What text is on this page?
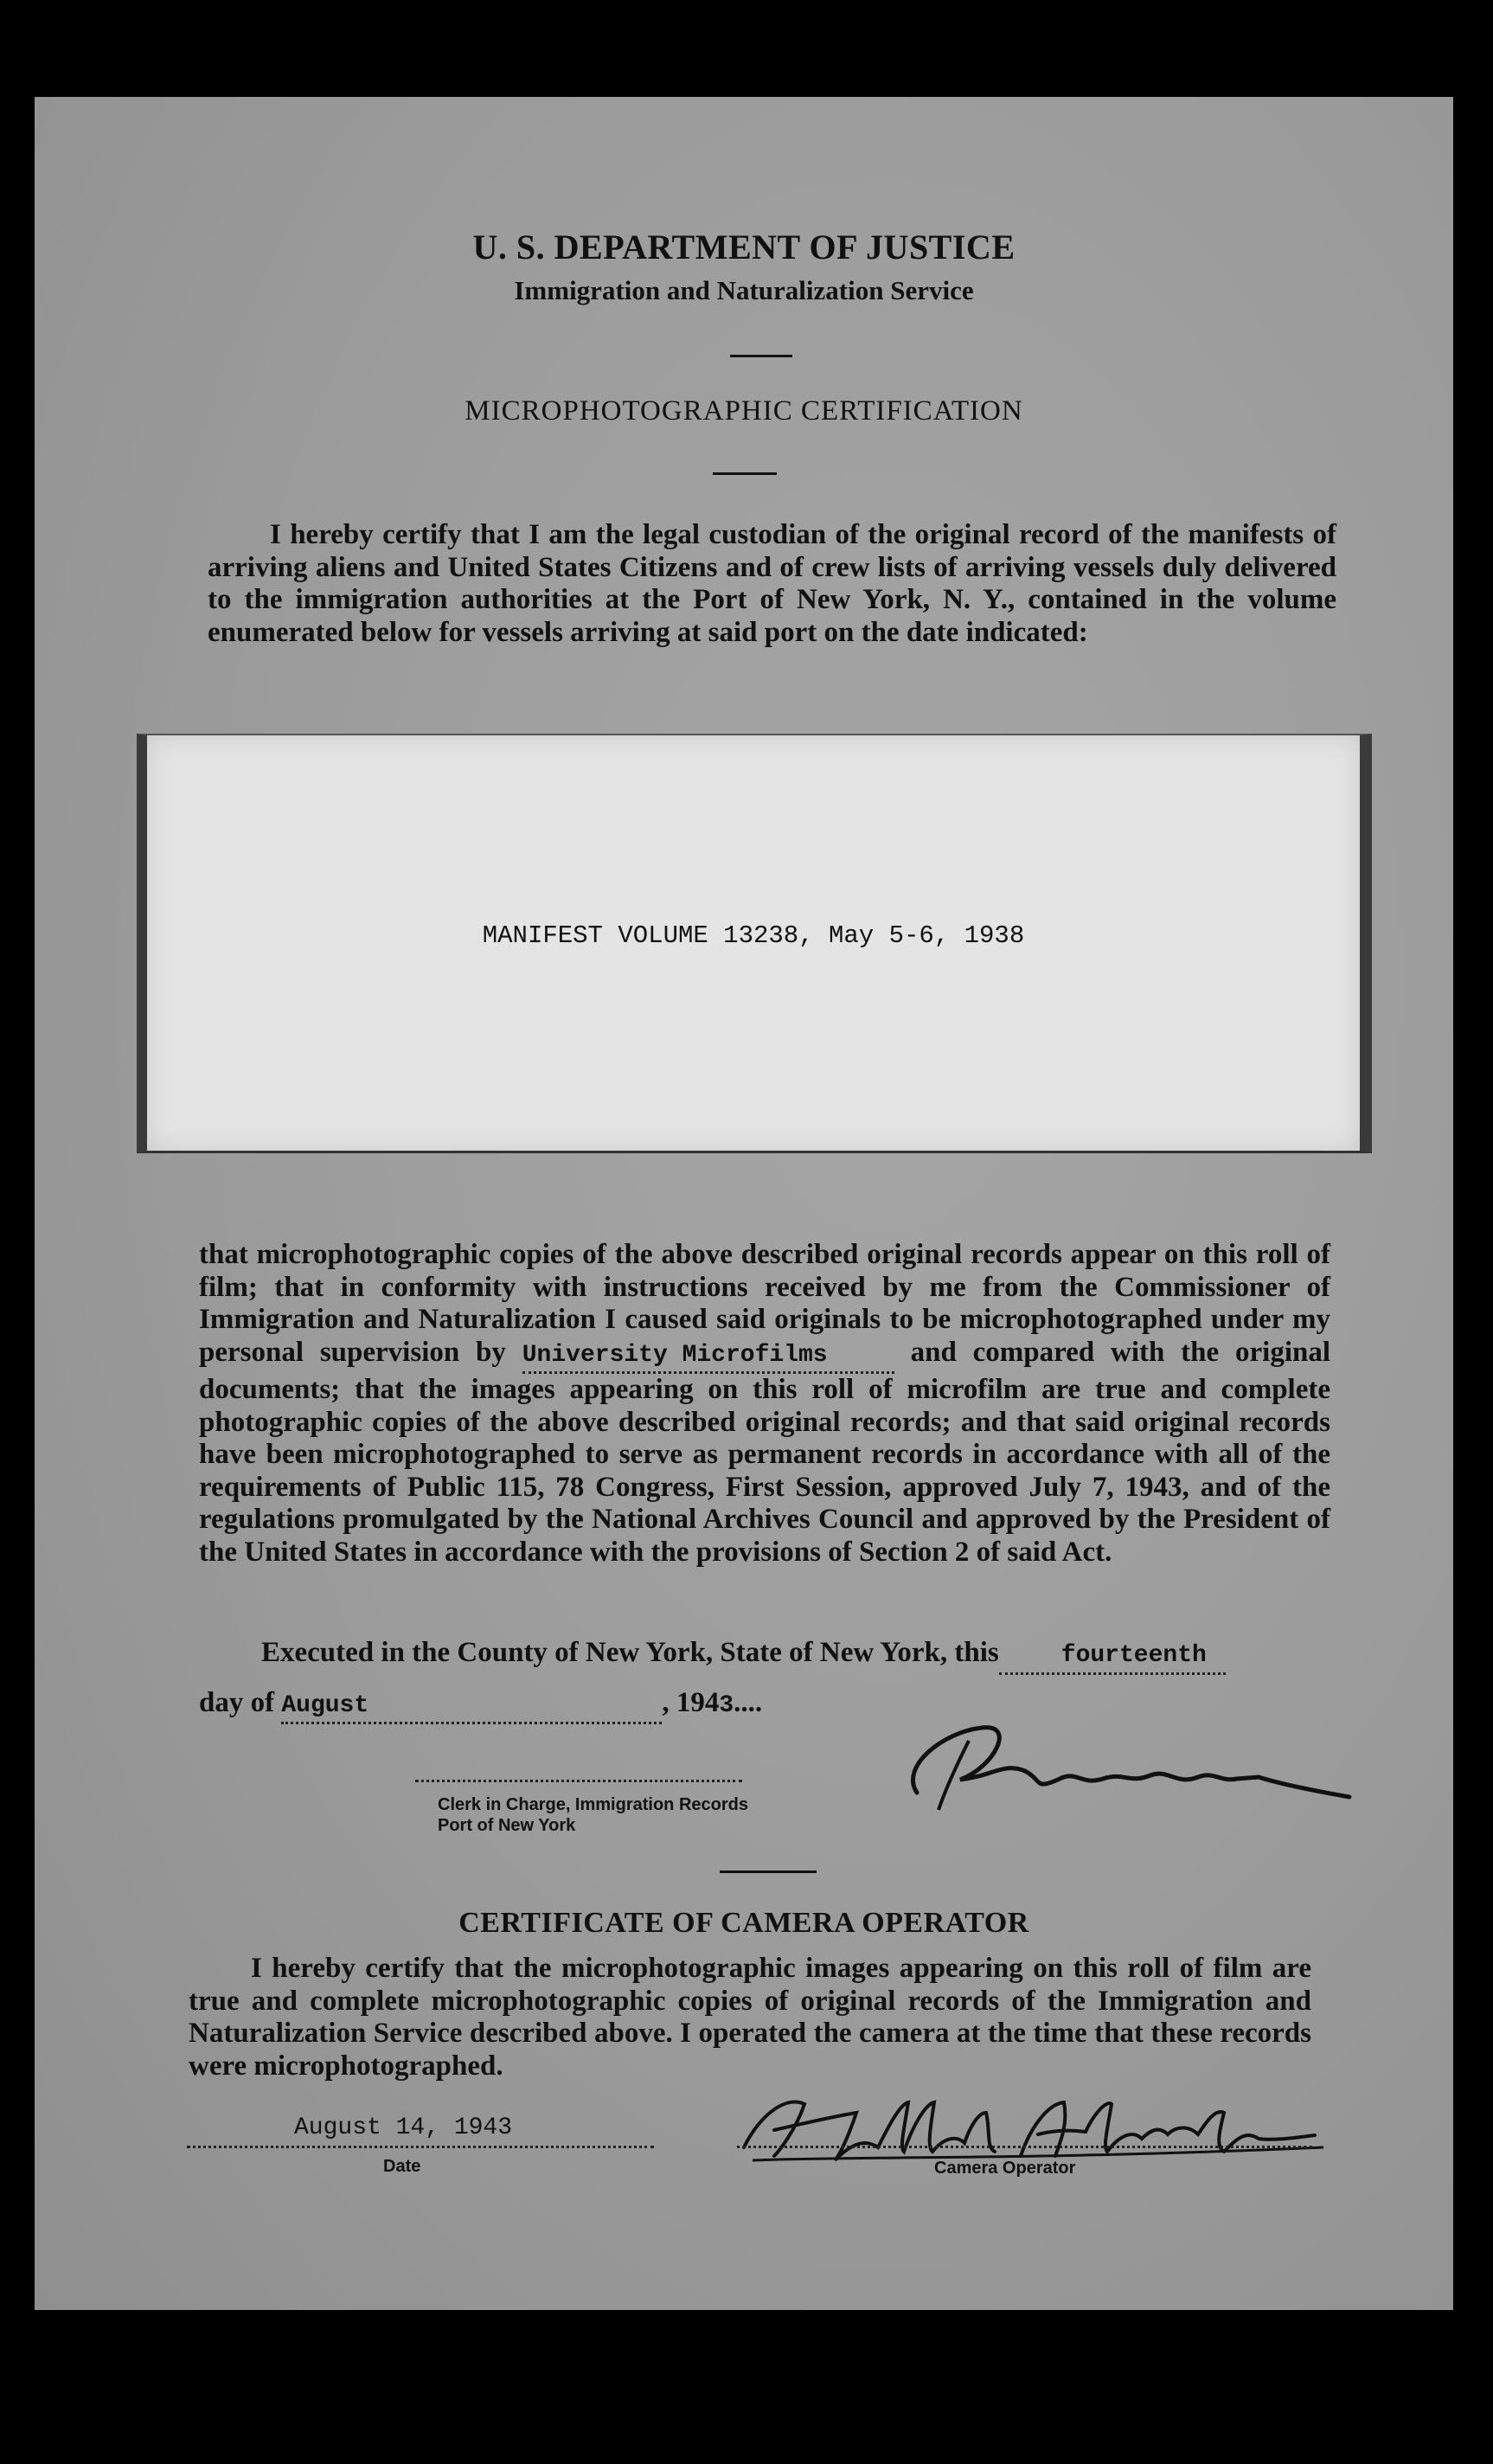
U. S. DEPARTMENT OF JUSTICE
Immigration and Naturalization Service
MICROPHOTOGRAPHIC CERTIFICATION

I hereby certify that I am the legal custodian of the original record of the manifests of arriving aliens and United States Citizens and of crew lists of arriving vessels duly delivered to the immigration authorities at the Port of New York, N. Y., contained in the volume enumerated below for vessels arriving at said port on the date indicated:

MANIFEST VOLUME 13238, May 5-6, 1938

that microphotographic copies of the above described original records appear on this roll of film; that in conformity with instructions received by me from the Commissioner of Immigration and Naturalization I caused said originals to be microphotographed under my personal supervision by University Microfilms	and compared with the original documents; that the images appearing on this roll of microfilm are true and complete photographic copies of the above described original records; and that said original records have been microphotographed to serve as permanent records in accordance with all of the requirements of Public 115, 78 Congress, First Session, approved July 7, 1943, and of the regulations promulgated by the National Archives Council and approved by the President of the United States in accordance with the provisions of Section 2 of said Act.

Executed in the County of New York, State of New York, this	fourteenth

day of August	, 1943....

Clerk in Charge, Immigration Records
Port of New York
CERTIFICATE OF CAMERA OPERATOR

I hereby certify that the microphotographic images appearing on this roll of film are true and complete microphotographic copies of original records of the Immigration and Naturalization Service described above. I operated the camera at the time that these records were microphotographed.

August 14, 1943
Date	Camera Operator
